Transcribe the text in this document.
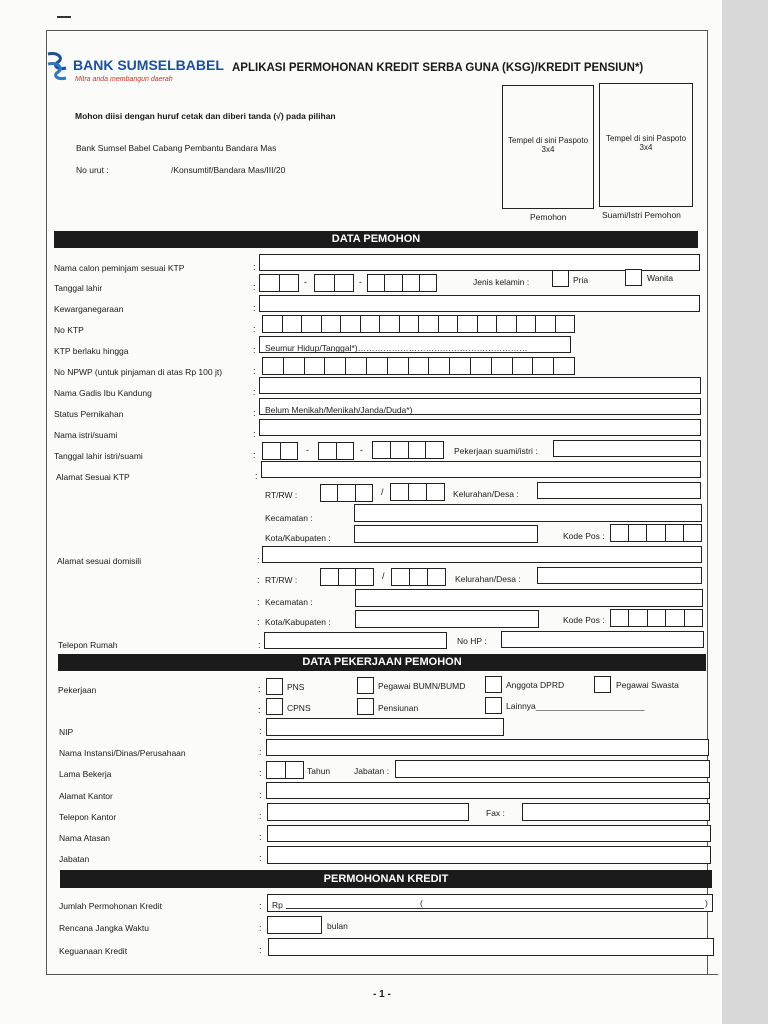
BANK SUMSELBABEL
Mitra anda membangun daerah
APLIKASI PERMOHONAN KREDIT SERBA GUNA (KSG)/KREDIT PENSIUN*)
Mohon diisi dengan huruf cetak dan diberi tanda (√) pada pilihan
Bank Sumsel Babel Cabang Pembantu Bandara Mas
No urut :	/Konsumtif/Bandara Mas/III/20
Tempel di sini Paspoto 3x4
Tempel di sini Paspoto 3x4
Pemohon	Suami/Istri Pemohon
DATA PEMOHON
Nama calon peminjam sesuai KTP	:
Tanggal lahir	:	-	-	Jenis kelamin :	Pria	Wanita
Kewarganegaraan	:
No KTP	:
KTP berlaku hingga	: Seumur Hidup/Tanggal*)……………………………………………………
No NPWP (untuk pinjaman di atas Rp 100 jt)	:
Nama Gadis Ibu Kandung	:
Status Pernikahan	: Belum Menikah/Menikah/Janda/Duda*)
Nama istri/suami	:
Tanggal lahir istri/suami	:	-	-	Pekerjaan suami/istri :
Alamat Sesuai KTP	:
RT/RW :	/	Kelurahan/Desa :
Kecamatan :
Kota/Kabupaten :	Kode Pos :
Alamat sesuai domisili	:
: RT/RW :	/	Kelurahan/Desa :
: Kecamatan :
: Kota/Kabupaten :	Kode Pos :
Telepon Rumah	:	No HP :
DATA PEKERJAAN PEMOHON
Pekerjaan	:	PNS	Pegawai BUMN/BUMD	Anggota DPRD	Pegawai Swasta
:	CPNS	Pensiunan	Lainnya_______________________
NIP	:
Nama Instansi/Dinas/Perusahaan	:
Lama Bekerja	:	Tahun	Jabatan :
Alamat Kantor	:
Telepon Kantor	:	Fax :
Nama Atasan	:
Jabatan	:
PERMOHONAN KREDIT
Jumlah Permohonan Kredit	: Rp	(	)
Rencana Jangka Waktu	:	bulan
Keguanaan Kredit	:
- 1 -
